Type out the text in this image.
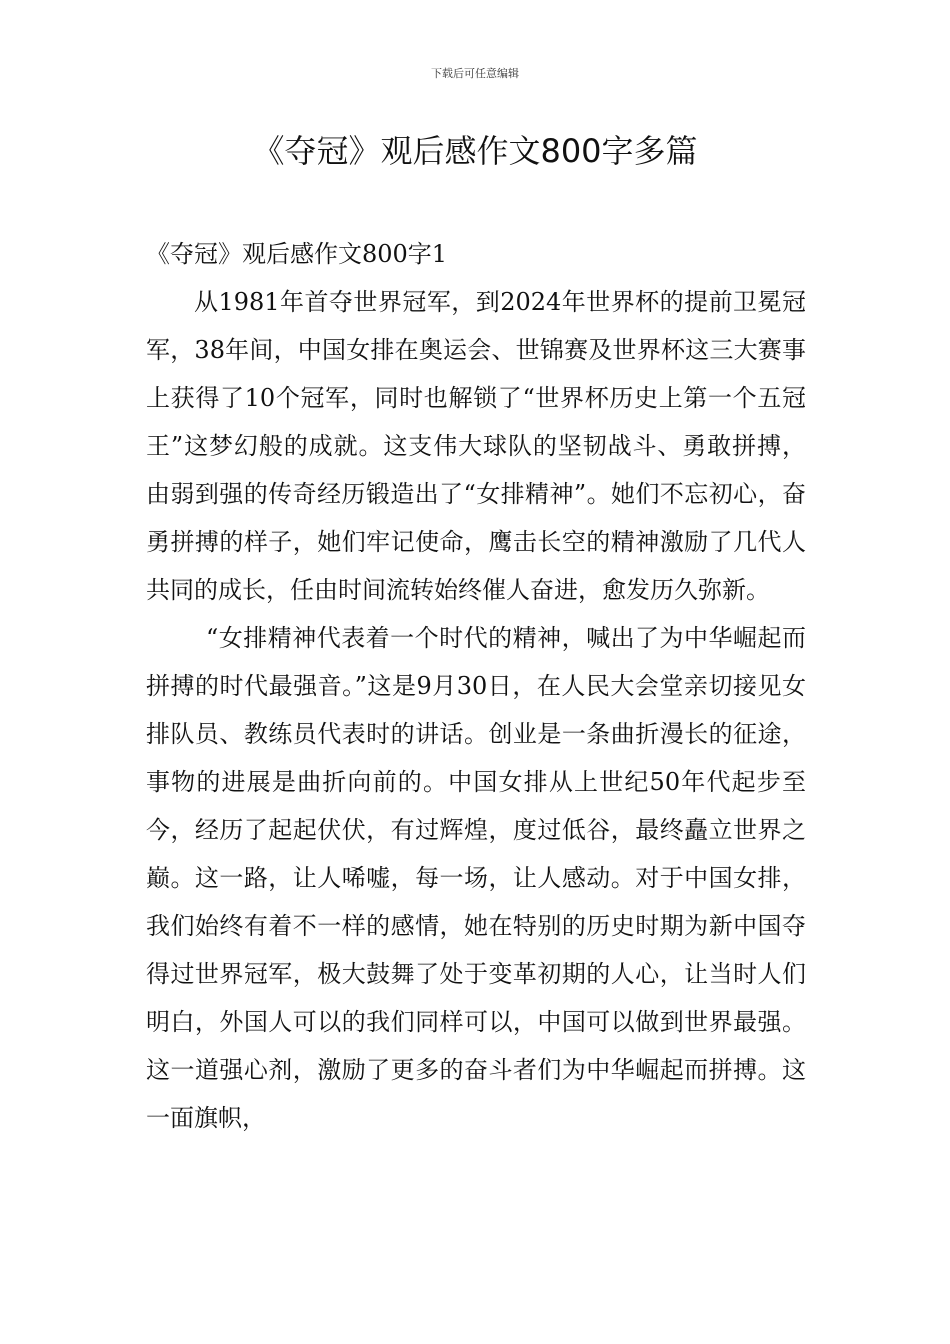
下载后可任意编辑
《夺冠》观后感作文800字多篇

《夺冠》观后感作文800字1

从1981年首夺世界冠军，到2024年世界杯的提前卫冕冠军，38年间，中国女排在奥运会、世锦赛及世界杯这三大赛事上获得了10个冠军，同时也解锁了“世界杯历史上第一个五冠王”这梦幻般的成就。这支伟大球队的坚韧战斗、勇敢拼搏，由弱到强的传奇经历锻造出了“女排精神”。她们不忘初心，奋勇拼搏的样子，她们牢记使命，鹰击长空的精神激励了几代人共同的成长，任由时间流转始终催人奋进，愈发历久弥新。

“女排精神代表着一个时代的精神，喊出了为中华崛起而拼搏的时代最强音。”这是9月30日，在人民大会堂亲切接见女排队员、教练员代表时的讲话。创业是一条曲折漫长的征途，事物的进展是曲折向前的。中国女排从上世纪50年代起步至今，经历了起起伏伏，有过辉煌，度过低谷，最终矗立世界之巅。这一路，让人唏嘘，每一场，让人感动。对于中国女排，我们始终有着不一样的感情，她在特别的历史时期为新中国夺得过世界冠军，极大鼓舞了处于变革初期的人心，让当时人们明白，外国人可以的我们同样可以，中国可以做到世界最强。这一道强心剂，激励了更多的奋斗者们为中华崛起而拼搏。这一面旗帜，
